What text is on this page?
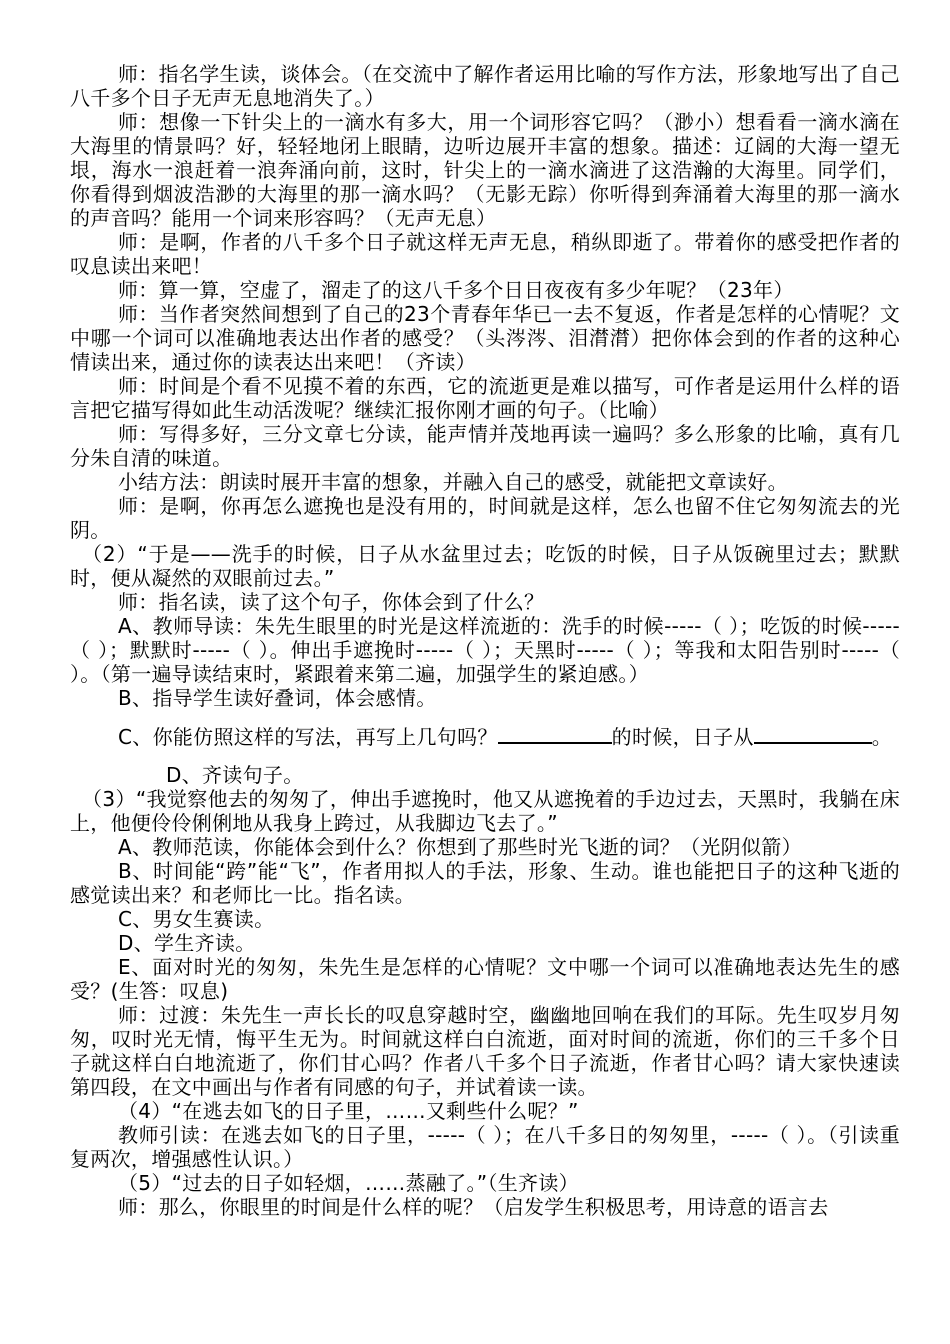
师：指名学生读，谈体会。（在交流中了解作者运用比喻的写作方法，形象地写出了自己八千多个日子无声无息地消失了。）

师：想像一下针尖上的一滴水有多大，用一个词形容它吗？（渺小）想看看一滴水滴在大海里的情景吗？好，轻轻地闭上眼睛，边听边展开丰富的想象。描述：辽阔的大海一望无垠，海水一浪赶着一浪奔涌向前，这时，针尖上的一滴水滴进了这浩瀚的大海里。同学们，你看得到烟波浩渺的大海里的那一滴水吗？（无影无踪）你听得到奔涌着大海里的那一滴水的声音吗？能用一个词来形容吗？（无声无息）

师：是啊，作者的八千多个日子就这样无声无息，稍纵即逝了。带着你的感受把作者的叹息读出来吧！

师：算一算，空虚了，溜走了的这八千多个日日夜夜有多少年呢？（23年）

师：当作者突然间想到了自己的23个青春年华已一去不复返，作者是怎样的心情呢？文中哪一个词可以准确地表达出作者的感受？（头涔涔、泪潸潸）把你体会到的作者的这种心情读出来，通过你的读表达出来吧！（齐读）

师：时间是个看不见摸不着的东西，它的流逝更是难以描写，可作者是运用什么样的语言把它描写得如此生动活泼呢？继续汇报你刚才画的句子。（比喻）

师：写得多好，三分文章七分读，能声情并茂地再读一遍吗？多么形象的比喻，真有几分朱自清的味道。

小结方法：朗读时展开丰富的想象，并融入自己的感受，就能把文章读好。

师：是啊，你再怎么遮挽也是没有用的，时间就是这样，怎么也留不住它匆匆流去的光阴。

（2）“于是——洗手的时候，日子从水盆里过去；吃饭的时候，日子从饭碗里过去；默默时，便从凝然的双眼前过去。”

师：指名读，读了这个句子，你体会到了什么？

A、教师导读：朱先生眼里的时光是这样流逝的：洗手的时候-----（ ）；吃饭的时候-----（ ）；默默时-----（ ）。伸出手遮挽时-----（ ）；天黑时-----（ ）；等我和太阳告别时-----（ ）。（第一遍导读结束时，紧跟着来第二遍，加强学生的紧迫感。）

B、指导学生读好叠词，体会感情。

C、你能仿照这样的写法，再写上几句吗？	的时候，日子从	。

D、齐读句子。

（3）“我觉察他去的匆匆了，伸出手遮挽时，他又从遮挽着的手边过去，天黑时，我躺在床上，他便伶伶俐俐地从我身上跨过，从我脚边飞去了。”

A、教师范读，你能体会到什么？你想到了那些时光飞逝的词？（光阴似箭）

B、时间能“跨”能“飞”，作者用拟人的手法，形象、生动。谁也能把日子的这种飞逝的感觉读出来？和老师比一比。指名读。

C、男女生赛读。

D、学生齐读。

E、面对时光的匆匆，朱先生是怎样的心情呢？文中哪一个词可以准确地表达先生的感受？(生答：叹息)

师：过渡：朱先生一声长长的叹息穿越时空，幽幽地回响在我们的耳际。先生叹岁月匆匆，叹时光无情，悔平生无为。时间就这样白白流逝，面对时间的流逝，你们的三千多个日子就这样白白地流逝了，你们甘心吗？作者八千多个日子流逝，作者甘心吗？请大家快速读第四段，在文中画出与作者有同感的句子，并试着读一读。

（4）“在逃去如飞的日子里，……又剩些什么呢？”

教师引读：在逃去如飞的日子里，-----（ ）；在八千多日的匆匆里，-----（ ）。（引读重复两次，增强感性认识。）

（5）“过去的日子如轻烟，……蒸融了。”（生齐读）

师：那么，你眼里的时间是什么样的呢？（启发学生积极思考，用诗意的语言去
